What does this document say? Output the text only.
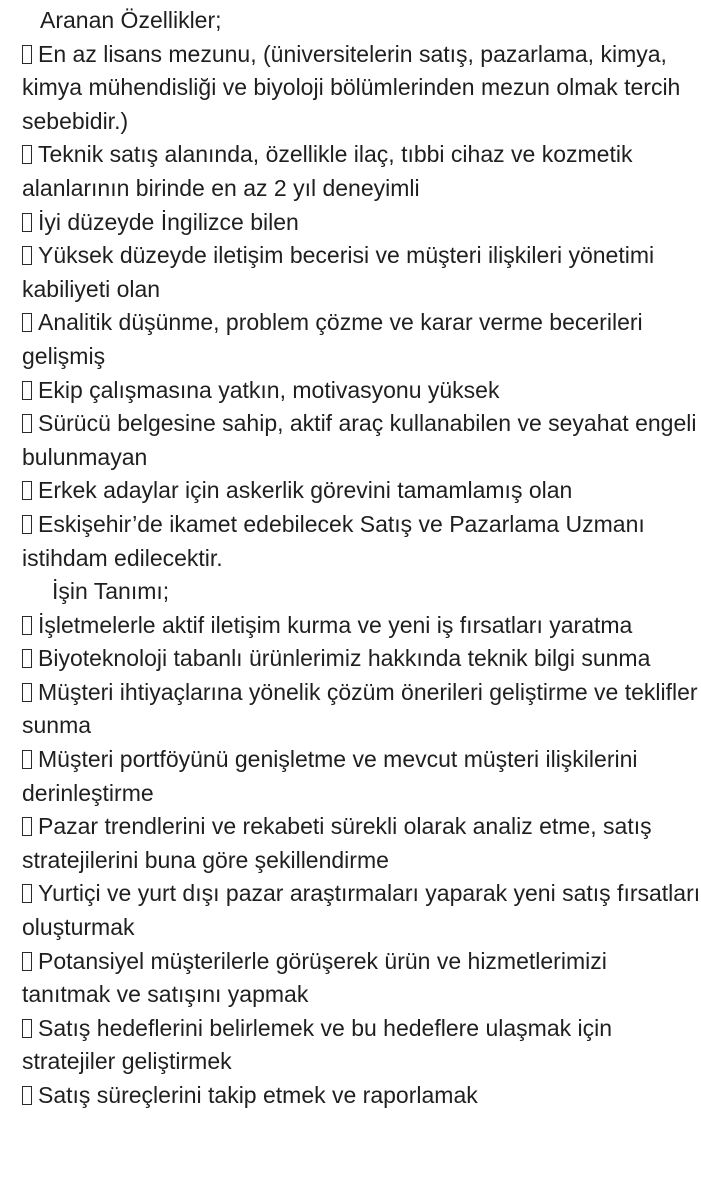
Aranan Özellikler;
En az lisans mezunu, (üniversitelerin satış, pazarlama, kimya, kimya mühendisliği ve biyoloji bölümlerinden mezun olmak tercih sebebidir.)
Teknik satış alanında, özellikle ilaç, tıbbi cihaz ve kozmetik alanlarının birinde en az 2 yıl deneyimli
İyi düzeyde İngilizce bilen
Yüksek düzeyde iletişim becerisi ve müşteri ilişkileri yönetimi kabiliyeti olan
Analitik düşünme, problem çözme ve karar verme becerileri gelişmiş
Ekip çalışmasına yatkın, motivasyonu yüksek
Sürücü belgesine sahip, aktif araç kullanabilen ve seyahat engeli bulunmayan
Erkek adaylar için askerlik görevini tamamlamış olan
Eskişehir’de ikamet edebilecek Satış ve Pazarlama Uzmanı istihdam edilecektir.
İşin Tanımı;
İşletmelerle aktif iletişim kurma ve yeni iş fırsatları yaratma
Biyoteknoloji tabanlı ürünlerimiz hakkında teknik bilgi sunma
Müşteri ihtiyaçlarına yönelik çözüm önerileri geliştirme ve teklifler sunma
Müşteri portföyünü genişletme ve mevcut müşteri ilişkilerini derinleştirme
Pazar trendlerini ve rekabeti sürekli olarak analiz etme, satış stratejilerini buna göre şekillendirme
Yurtiçi ve yurt dışı pazar araştırmaları yaparak yeni satış fırsatları oluşturmak
Potansiyel müşterilerle görüşerek ürün ve hizmetlerimizi tanıtmak ve satışını yapmak
Satış hedeflerini belirlemek ve bu hedeflere ulaşmak için stratejiler geliştirmek
Satış süreçlerini takip etmek ve raporlamak
